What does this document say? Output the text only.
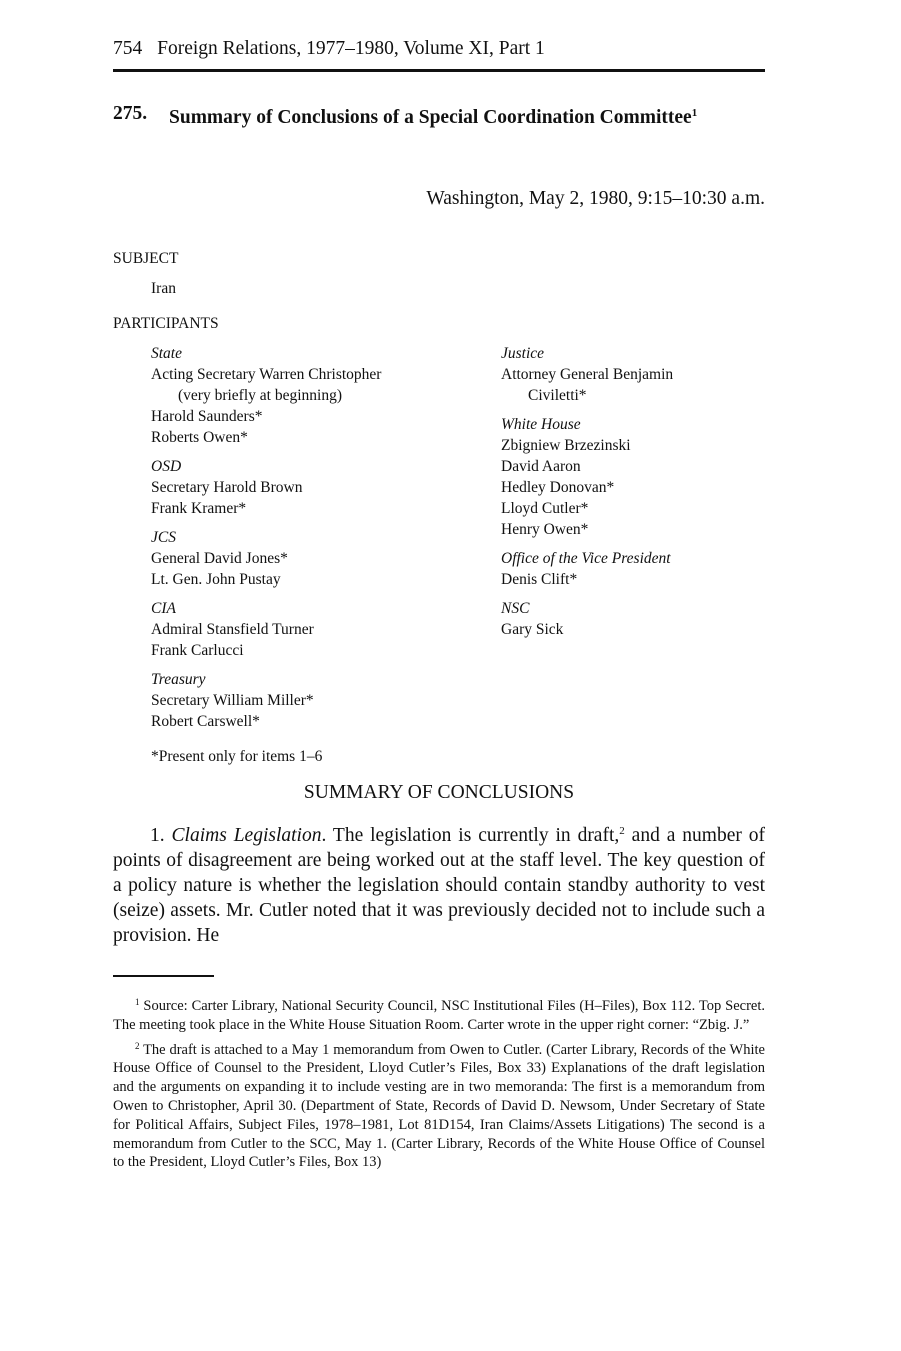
754 Foreign Relations, 1977–1980, Volume XI, Part 1
275. Summary of Conclusions of a Special Coordination Committee$^1$
Washington, May 2, 1980, 9:15–10:30 a.m.
SUBJECT
Iran
PARTICIPANTS
State
Acting Secretary Warren Christopher
(very briefly at beginning)
Harold Saunders*
Roberts Owen*
OSD
Secretary Harold Brown
Frank Kramer*
JCS
General David Jones*
Lt. Gen. John Pustay
CIA
Admiral Stansfield Turner
Frank Carlucci
Treasury
Secretary William Miller*
Robert Carswell*
Justice
Attorney General Benjamin
Civiletti*
White House
Zbigniew Brzezinski
David Aaron
Hedley Donovan*
Lloyd Cutler*
Henry Owen*
Office of the Vice President
Denis Clift*
NSC
Gary Sick
*Present only for items 1–6
SUMMARY OF CONCLUSIONS
1. Claims Legislation. The legislation is currently in draft,$^2$ and a number of points of disagreement are being worked out at the staff level. The key question of a policy nature is whether the legislation should contain standby authority to vest (seize) assets. Mr. Cutler noted that it was previously decided not to include such a provision. He

$^1$ Source: Carter Library, National Security Council, NSC Institutional Files (H–Files), Box 112. Top Secret. The meeting took place in the White House Situation Room. Carter wrote in the upper right corner: “Zbig. J.”

$^2$ The draft is attached to a May 1 memorandum from Owen to Cutler. (Carter Library, Records of the White House Office of Counsel to the President, Lloyd Cutler’s Files, Box 33) Explanations of the draft legislation and the arguments on expanding it to include vesting are in two memoranda: The first is a memorandum from Owen to Christopher, April 30. (Department of State, Records of David D. Newsom, Under Secretary of State for Political Affairs, Subject Files, 1978–1981, Lot 81D154, Iran Claims/Assets Litigations) The second is a memorandum from Cutler to the SCC, May 1. (Carter Library, Records of the White House Office of Counsel to the President, Lloyd Cutler’s Files, Box 13)
